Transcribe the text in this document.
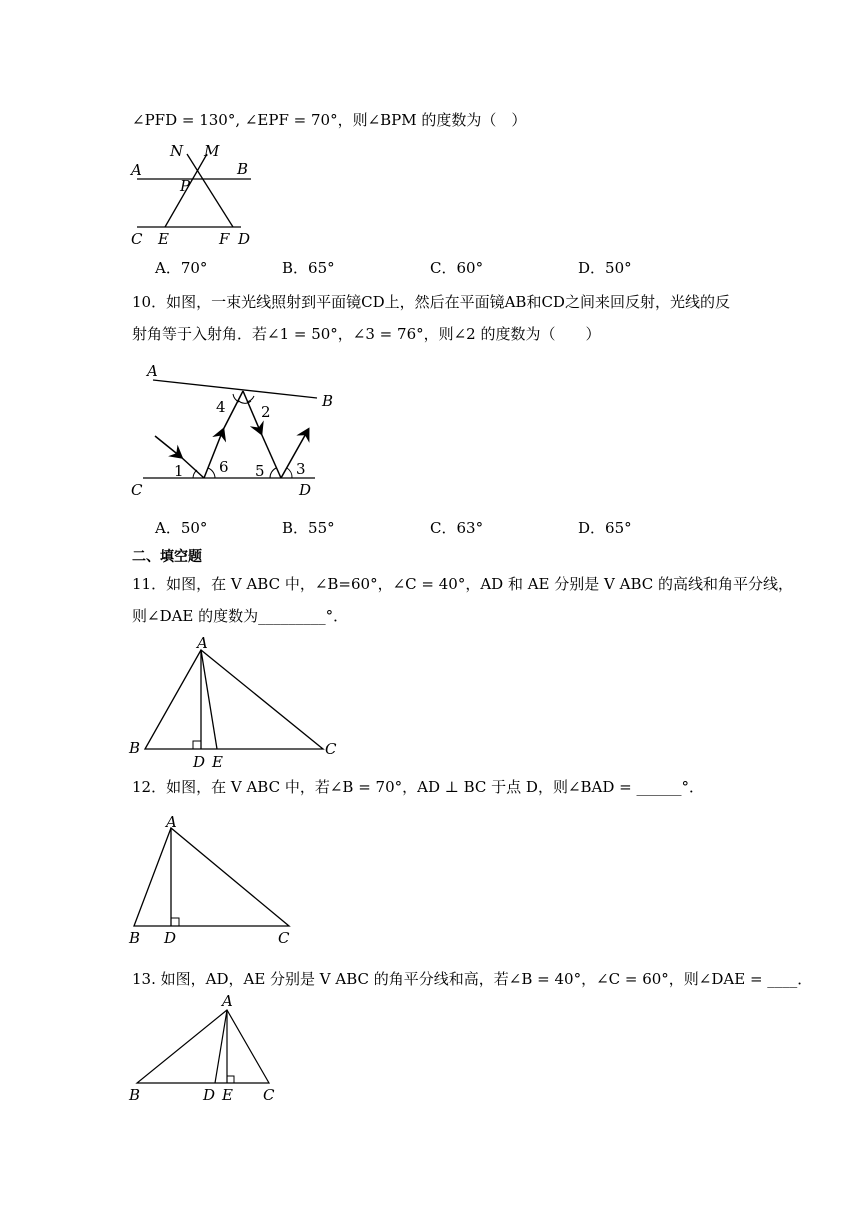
∠PFD = 130°, ∠EPF = 70°，则∠BPM 的度数为（　）
N M
A	B
P
C E	F D
A．70°	B．65°	C．60°	D．50°
10．如图，一束光线照射到平面镜CD上，然后在平面镜AB和CD之间来回反射，光线的反
射角等于入射角．若∠1 = 50°，∠3 = 76°，则∠2 的度数为（　　）
A
B
C	D
1 6
4 2
5 3
A．50°	B．55°	C．63°	D．65°
二、填空题
11．如图，在 V ABC 中，∠B=60°，∠C = 40°，AD 和 AE 分别是 V ABC 的高线和角平分线，
则∠DAE 的度数为_________°．
A
B	C
D E
12．如图，在 V ABC 中，若∠B = 70°，AD ⊥ BC 于点 D，则∠BAD = ______°．
A
B D	C
13. 如图，AD，AE 分别是 V ABC 的角平分线和高，若∠B = 40°，∠C = 60°，则∠DAE = ____．
A
B	D E C
